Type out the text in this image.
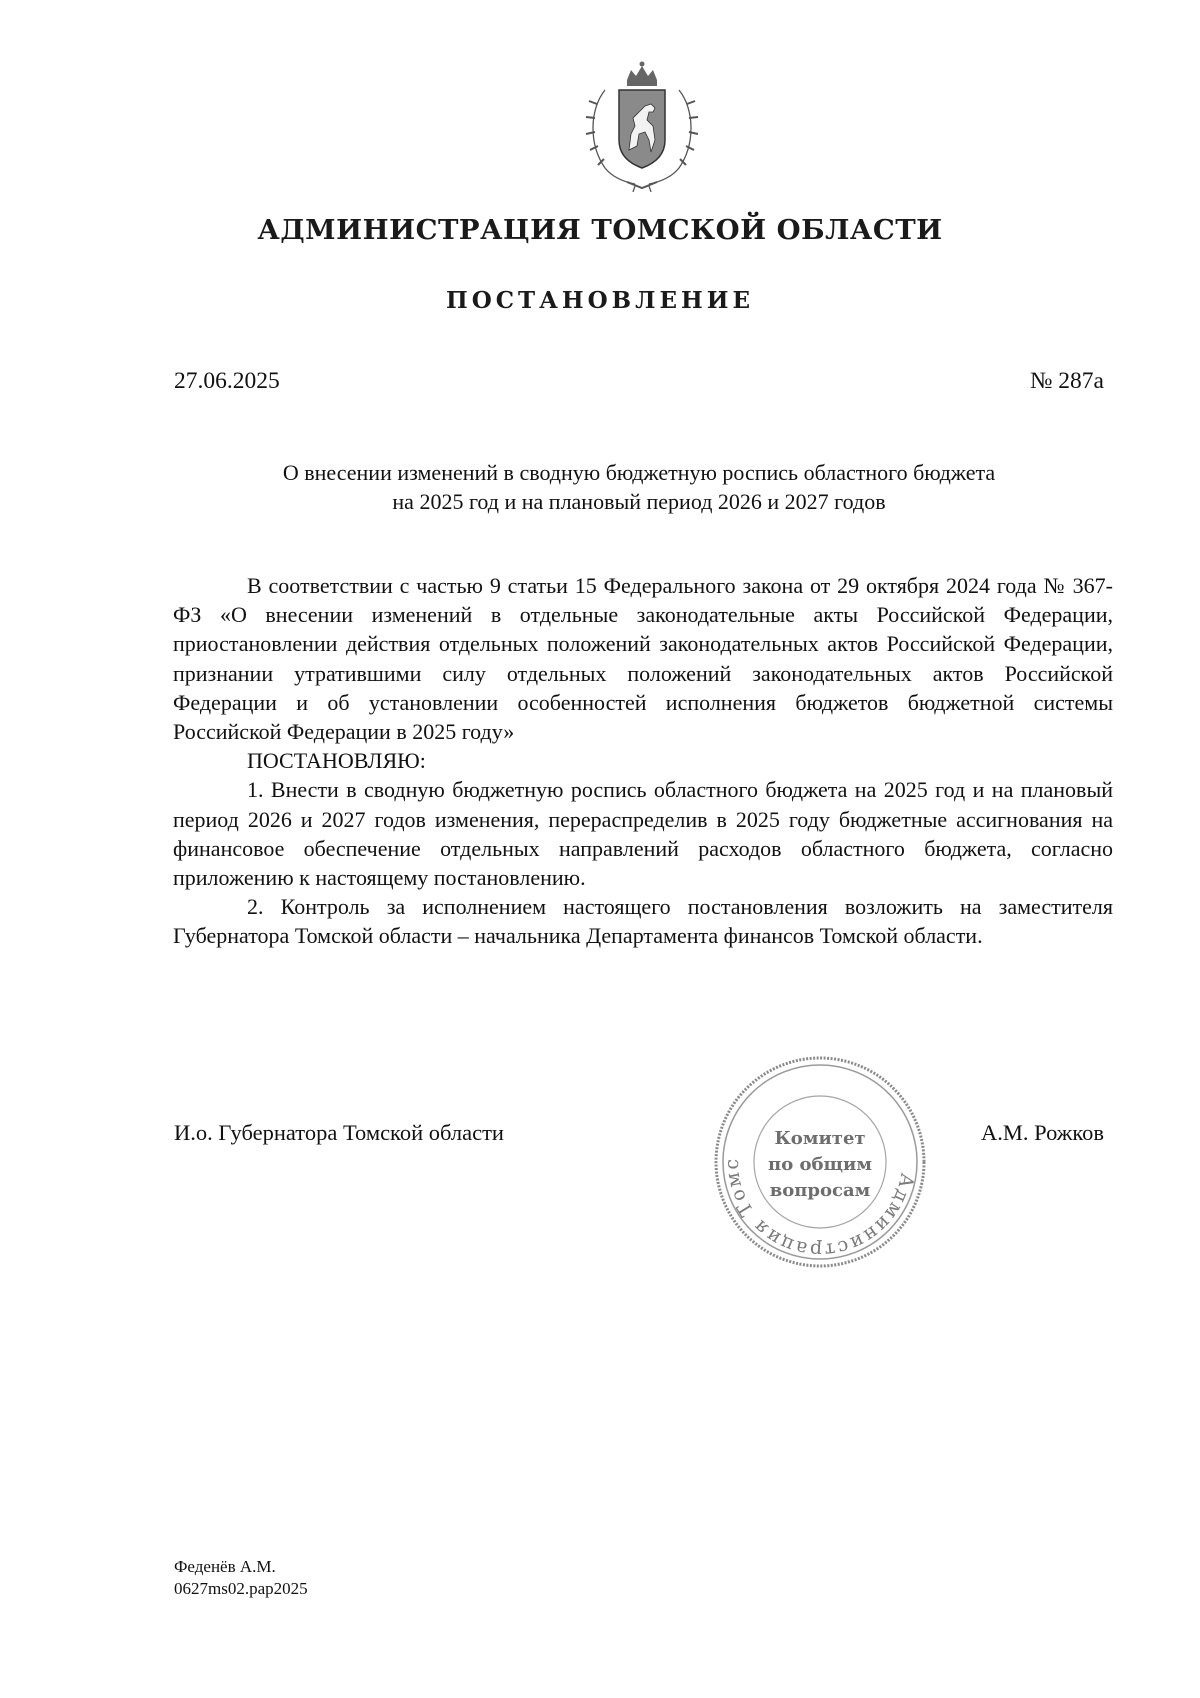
АДМИНИСТРАЦИЯ ТОМСКОЙ ОБЛАСТИ
ПОСТАНОВЛЕНИЕ
27.06.2025	№ 287а
О внесении изменений в сводную бюджетную роспись областного бюджета
на 2025 год и на плановый период 2026 и 2027 годов

В соответствии с частью 9 статьи 15 Федерального закона от 29 октября 2024 года № 367-ФЗ «О внесении изменений в отдельные законодательные акты Российской Федерации, приостановлении действия отдельных положений законодательных актов Российской Федерации, признании утратившими силу отдельных положений законодательных актов Российской Федерации и об установлении особенностей исполнения бюджетов бюджетной системы Российской Федерации в 2025 году»

ПОСТАНОВЛЯЮ:

1. Внести в сводную бюджетную роспись областного бюджета на 2025 год и на плановый период 2026 и 2027 годов изменения, перераспределив в 2025 году бюджетные ассигнования на финансовое обеспечение отдельных направлений расходов областного бюджета, согласно приложению к настоящему постановлению.

2. Контроль за исполнением настоящего постановления возложить на заместителя Губернатора Томской области – начальника Департамента финансов Томской области.

И.о. Губернатора Томской области	А.М. Рожков
Администрация Томс
Комитет
по общим
вопросам
Феденёв А.М.
0627ms02.рар2025
